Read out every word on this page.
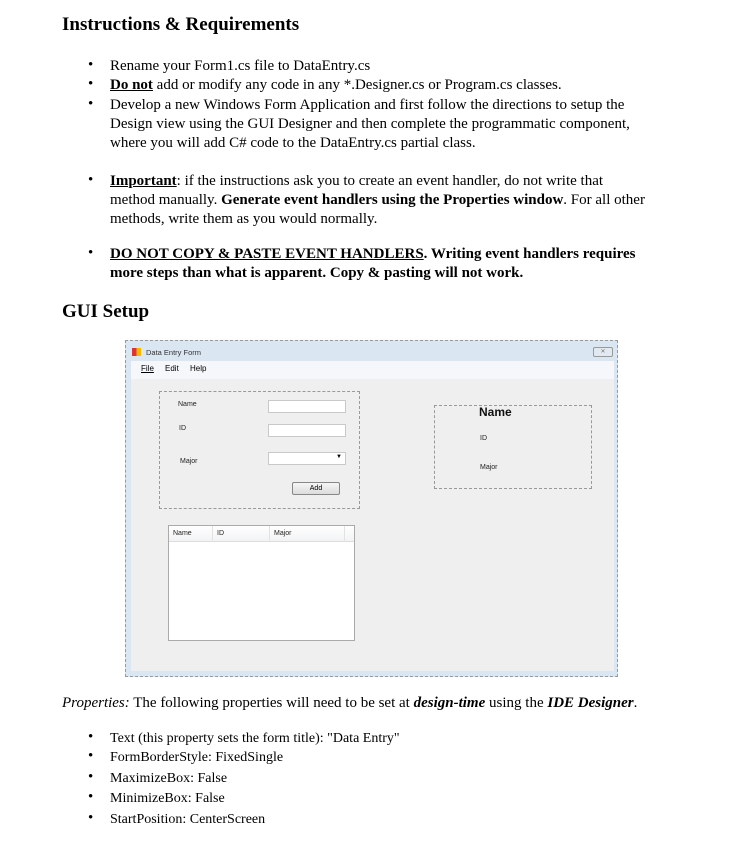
Instructions & Requirements
• Rename your Form1.cs file to DataEntry.cs
• Do not add or modify any code in any *.Designer.cs or Program.cs classes.
• Develop a new Windows Form Application and first follow the directions to setup the
Design view using the GUI Designer and then complete the programmatic component,
where you will add C# code to the DataEntry.cs partial class.
• Important: if the instructions ask you to create an event handler, do not write that
method manually. Generate event handlers using the Properties window. For all other
methods, write them as you would normally.
• DO NOT COPY & PASTE EVENT HANDLERS. Writing event handlers requires
more steps than what is apparent. Copy & pasting will not work.
GUI Setup
Data Entry Form	✕
File Edit Help
Name
ID
Major
▼
Add
Name
ID
Major
Name	ID	Major
Properties: The following properties will need to be set at design-time using the IDE Designer.
• Text (this property sets the form title): "Data Entry"
• FormBorderStyle: FixedSingle
• MaximizeBox: False
• MinimizeBox: False
• StartPosition: CenterScreen
